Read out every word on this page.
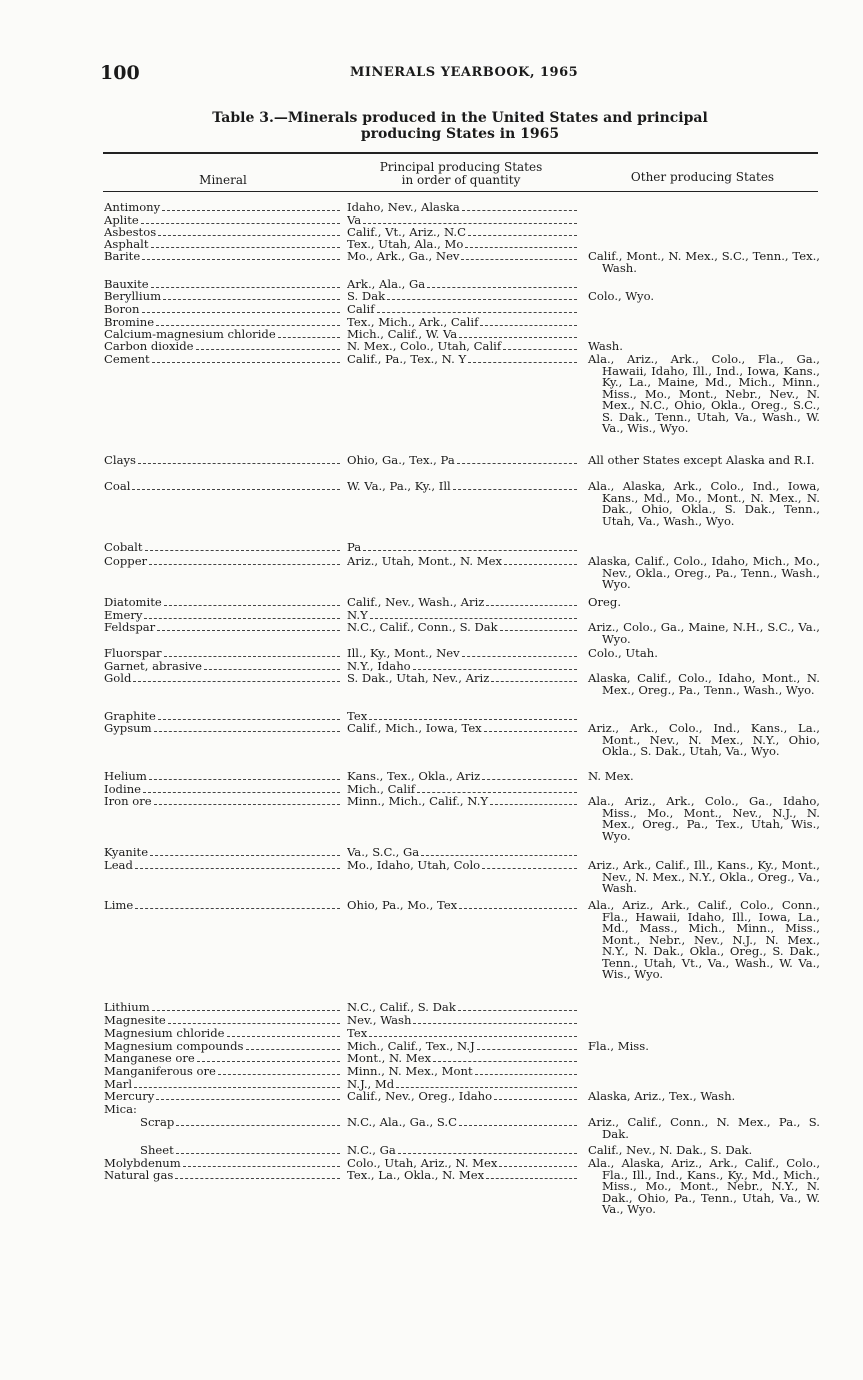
100	MINERALS YEARBOOK, 1965
Table 3.—Minerals produced in the United States and principal
producing States in 1965
Mineral
Principal producing States
in order of quantity	Other producing States
Antimony	Idaho, Nev., Alaska
Aplite	Va
Asbestos	Calif., Vt., Ariz., N.C
Asphalt	Tex., Utah, Ala., Mo
Barite	Mo., Ark., Ga., Nev	Calif., Mont., N. Mex., S.C., Tenn., Tex., Wash.
Bauxite	Ark., Ala., Ga
Beryllium	S. Dak	Colo., Wyo.
Boron	Calif
Bromine	Tex., Mich., Ark., Calif
Calcium-magnesium chloride	Mich., Calif., W. Va
Carbon dioxide	N. Mex., Colo., Utah, Calif	Wash.
Cement	Calif., Pa., Tex., N. Y	Ala., Ariz., Ark., Colo., Fla., Ga., Hawaii, Idaho, Ill., Ind., Iowa, Kans., Ky., La., Maine, Md., Mich., Minn., Miss., Mo., Mont., Nebr., Nev., N. Mex., N.C., Ohio, Okla., Oreg., S.C., S. Dak., Tenn., Utah, Va., Wash., W. Va., Wis., Wyo.
Clays	Ohio, Ga., Tex., Pa	All other States except Alaska and R.I.
Coal	W. Va., Pa., Ky., Ill	Ala., Alaska, Ark., Colo., Ind., Iowa, Kans., Md., Mo., Mont., N. Mex., N. Dak., Ohio, Okla., S. Dak., Tenn., Utah, Va., Wash., Wyo.
Cobalt	Pa
Copper	Ariz., Utah, Mont., N. Mex	Alaska, Calif., Colo., Idaho, Mich., Mo., Nev., Okla., Oreg., Pa., Tenn., Wash., Wyo.
Diatomite	Calif., Nev., Wash., Ariz	Oreg.
Emery	N.Y
Feldspar	N.C., Calif., Conn., S. Dak	Ariz., Colo., Ga., Maine, N.H., S.C., Va., Wyo.
Fluorspar	Ill., Ky., Mont., Nev	Colo., Utah.
Garnet, abrasive	N.Y., Idaho
Gold	S. Dak., Utah, Nev., Ariz	Alaska, Calif., Colo., Idaho, Mont., N. Mex., Oreg., Pa., Tenn., Wash., Wyo.
Graphite	Tex
Gypsum	Calif., Mich., Iowa, Tex	Ariz., Ark., Colo., Ind., Kans., La., Mont., Nev., N. Mex., N.Y., Ohio, Okla., S. Dak., Utah, Va., Wyo.
Helium	Kans., Tex., Okla., Ariz	N. Mex.
Iodine	Mich., Calif
Iron ore	Minn., Mich., Calif., N.Y	Ala., Ariz., Ark., Colo., Ga., Idaho, Miss., Mo., Mont., Nev., N.J., N. Mex., Oreg., Pa., Tex., Utah, Wis., Wyo.
Kyanite	Va., S.C., Ga
Lead	Mo., Idaho, Utah, Colo	Ariz., Ark., Calif., Ill., Kans., Ky., Mont., Nev., N. Mex., N.Y., Okla., Oreg., Va., Wash.
Lime	Ohio, Pa., Mo., Tex	Ala., Ariz., Ark., Calif., Colo., Conn., Fla., Hawaii, Idaho, Ill., Iowa, La., Md., Mass., Mich., Minn., Miss., Mont., Nebr., Nev., N.J., N. Mex., N.Y., N. Dak., Okla., Oreg., S. Dak., Tenn., Utah, Vt., Va., Wash., W. Va., Wis., Wyo.
Lithium	N.C., Calif., S. Dak
Magnesite	Nev., Wash
Magnesium chloride	Tex
Magnesium compounds	Mich., Calif., Tex., N.J	Fla., Miss.
Manganese ore	Mont., N. Mex
Manganiferous ore	Minn., N. Mex., Mont
Marl	N.J., Md
Mercury	Calif., Nev., Oreg., Idaho	Alaska, Ariz., Tex., Wash.
Mica:
Scrap	N.C., Ala., Ga., S.C	Ariz., Calif., Conn., N. Mex., Pa., S. Dak.
Sheet	N.C., Ga	Calif., Nev., N. Dak., S. Dak.
Molybdenum	Colo., Utah, Ariz., N. Mex	Ala., Alaska, Ariz., Ark., Calif., Colo., Fla., Ill., Ind., Kans., Ky., Md., Mich., Miss., Mo., Mont., Nebr., N.Y., N. Dak., Ohio, Pa., Tenn., Utah, Va., W. Va., Wyo.
Natural gas	Tex., La., Okla., N. Mex
